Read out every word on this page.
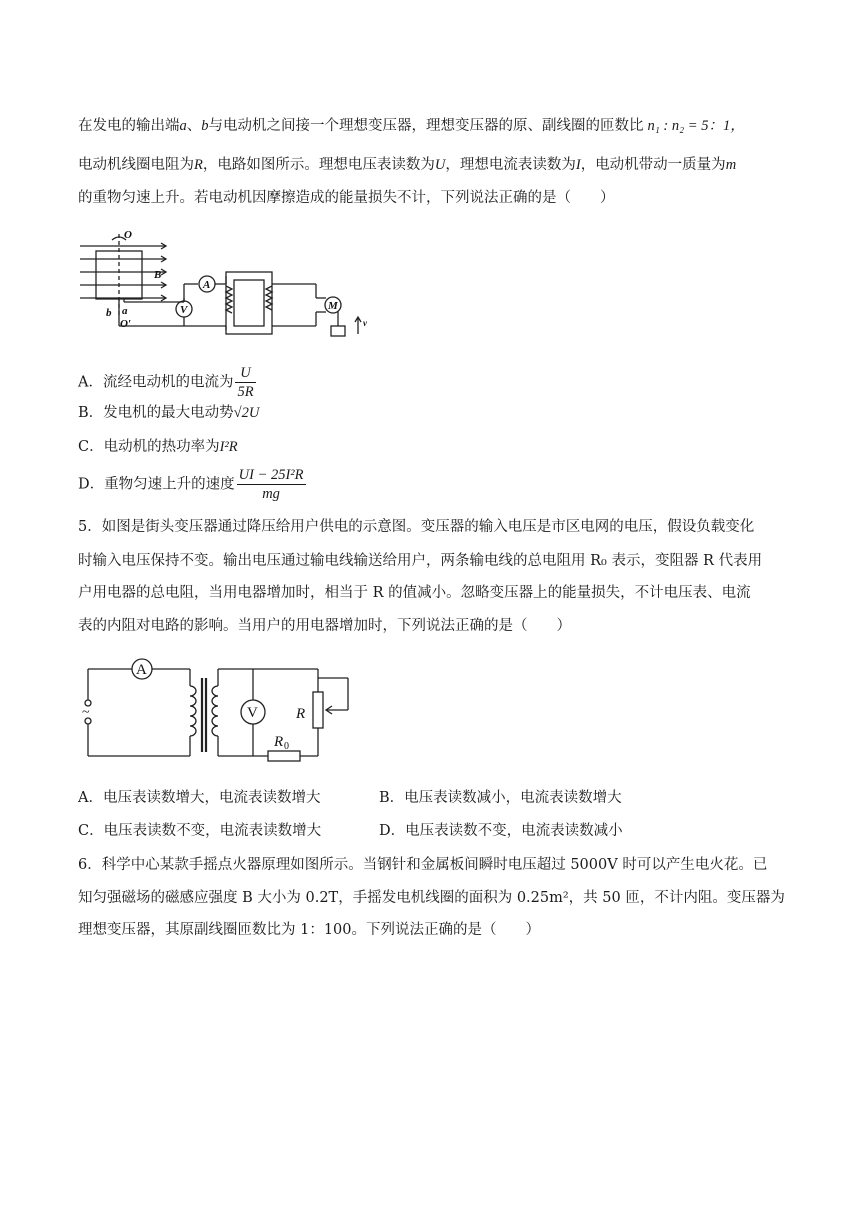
在发电的输出端a、b与电动机之间接一个理想变压器，理想变压器的原、副线圈的匝数比 n₁ : n₂ = 5：1，
电动机线圈电阻为R，电路如图所示。理想电压表读数为U，理想电流表读数为I，电动机带动一质量为m
的重物匀速上升。若电动机因摩擦造成的能量损失不计，下列说法正确的是（　　）
O
B
a
b
O′
A
V	M
v
A．流经电动机的电流为 $\frac{U}{5R}$
B．发电机的最大电动势√2U
C．电动机的热功率为I²R
D．重物匀速上升的速度 $\frac{\text{UI − 25I²R}}{mg}$
5．如图是街头变压器通过降压给用户供电的示意图。变压器的输入电压是市区电网的电压，假设负载变化
时输入电压保持不变。输出电压通过输电线输送给用户，两条输电线的总电阻用 R₀ 表示，变阻器 R 代表用
户用电器的总电阻，当用电器增加时，相当于 R 的值减小。忽略变压器上的能量损失，不计电压表、电流
表的内阻对电路的影响。当用户的用电器增加时，下列说法正确的是（　　）
A
V	R
R 0
~
A．电压表读数增大，电流表读数增大	B．电压表读数减小，电流表读数增大
C．电压表读数不变，电流表读数增大	D．电压表读数不变，电流表读数减小
6．科学中心某款手摇点火器原理如图所示。当钢针和金属板间瞬时电压超过 5000V 时可以产生电火花。已
知匀强磁场的磁感应强度 B 大小为 0.2T，手摇发电机线圈的面积为 0.25m²，共 50 匝，不计内阻。变压器为
理想变压器，其原副线圈匝数比为 1：100。下列说法正确的是（　　）
